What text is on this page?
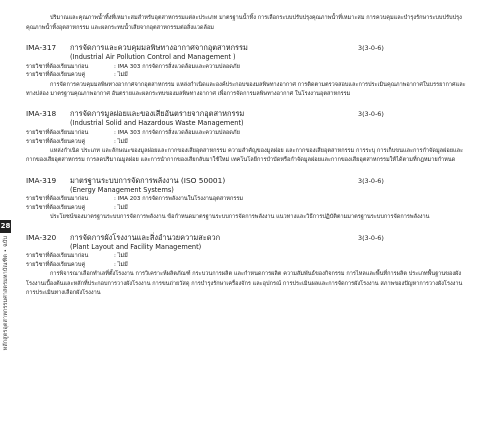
28
หลักสูตรอุตสาหกรรมศาสตรมหาบัณฑิต • ฉบับ

ปริมาณและคุณภาพน้ำทิ้งที่เหมาะสมสำหรับอุตสาหกรรมแต่ละประเภท มาตรฐานน้ำทิ้ง การเลือกระบบปรับปรุงคุณภาพน้ำที่เหมาะสม การควบคุมและบำรุงรักษาระบบปรับปรุงคุณภาพน้ำทิ้งอุตสาหกรรม และผลกระทบน้ำเสียจากอุตสาหกรรมต่อสิ่งแวดล้อม

IMA-317	การจัดการและควบคุมมลพิษทางอากาศจากอุตสาหกรรม	3(3-0-6)
(Industrial Air Pollution Control and Management )
รายวิชาที่ต้องเรียนมาก่อน	: IMA 303 การจัดการสิ่งแวดล้อมและความปลอดภัย
รายวิชาที่ต้องเรียนควบคู่	: ไม่มี

การจัดการควบคุมมลพิษทางอากาศจากอุตสาหกรรม แหล่งกำเนิดและองค์ประกอบของมลพิษทางอากาศ การติดตามตรวจสอบและการประเมินคุณภาพอากาศในบรรยากาศและทางปล่อง มาตรฐานคุณภาพอากาศ อันตรายและผลกระทบของมลพิษทางอากาศ เพื่อการจัดการมลพิษทางอากาศ ในโรงงานอุตสาหกรรม

IMA-318	การจัดการมูลฝอยและของเสียอันตรายจากอุตสาหกรรม	3(3-0-6)
(Industrial Solid and Hazardous Waste Management)
รายวิชาที่ต้องเรียนมาก่อน	: IMA 303 การจัดการสิ่งแวดล้อมและความปลอดภัย
รายวิชาที่ต้องเรียนควบคู่	: ไม่มี

แหล่งกำเนิด ประเภท และลักษณะของมูลฝอยและกากของเสียอุตสาหกรรม ความสำคัญของมูลฝอย และกากของเสียอุตสาหกรรม การระบุ การเก็บขนและการกำจัดมูลฝอยและกากของเสียอุตสาหกรรม การลดปริมาณมูลฝอย และการนำกากของเสียกลับมาใช้ใหม่ เทคโนโลยีการบำบัดหรือกำจัดมูลฝอยและกากของเสียอุตสาหกรรมให้ได้ตามที่กฎหมายกำหนด

IMA-319	มาตรฐานระบบการจัดการพลังงาน (ISO 50001)	3(3-0-6)
(Energy Management Systems)
รายวิชาที่ต้องเรียนมาก่อน	: IMA 203 การจัดการพลังงานในโรงงานอุตสาหกรรม
รายวิชาที่ต้องเรียนควบคู่	: ไม่มี

ประโยชน์ของมาตรฐานระบบการจัดการพลังงาน ข้อกำหนดมาตรฐานระบบการจัดการพลังงาน แนวทางและวิธีการปฏิบัติตามมาตรฐานระบบการจัดการพลังงาน

IMA-320	การจัดการผังโรงงานและสิ่งอำนวยความสะดวก	3(3-0-6)
(Plant Layout and Facility Management)
รายวิชาที่ต้องเรียนมาก่อน	: ไม่มี
รายวิชาที่ต้องเรียนควบคู่	: ไม่มี

การพิจารณาเลือกทำเลที่ตั้งโรงงาน การวิเคราะห์ผลิตภัณฑ์ กระบวนการผลิต และกำหนดการผลิต ความสัมพันธ์ของกิจกรรม การไหลและพื้นที่การผลิต ประเภทพื้นฐานของผังโรงงานเบื้องต้นและหลักที่ประกอบการวางผังโรงงาน การขนถ่ายวัสดุ การบำรุงรักษาเครื่องจักร และอุปกรณ์ การประเมินผลและการจัดการผังโรงงาน สภาพของปัญหาการวางผังโรงงาน การประเมินทางเลือกผังโรงงาน
